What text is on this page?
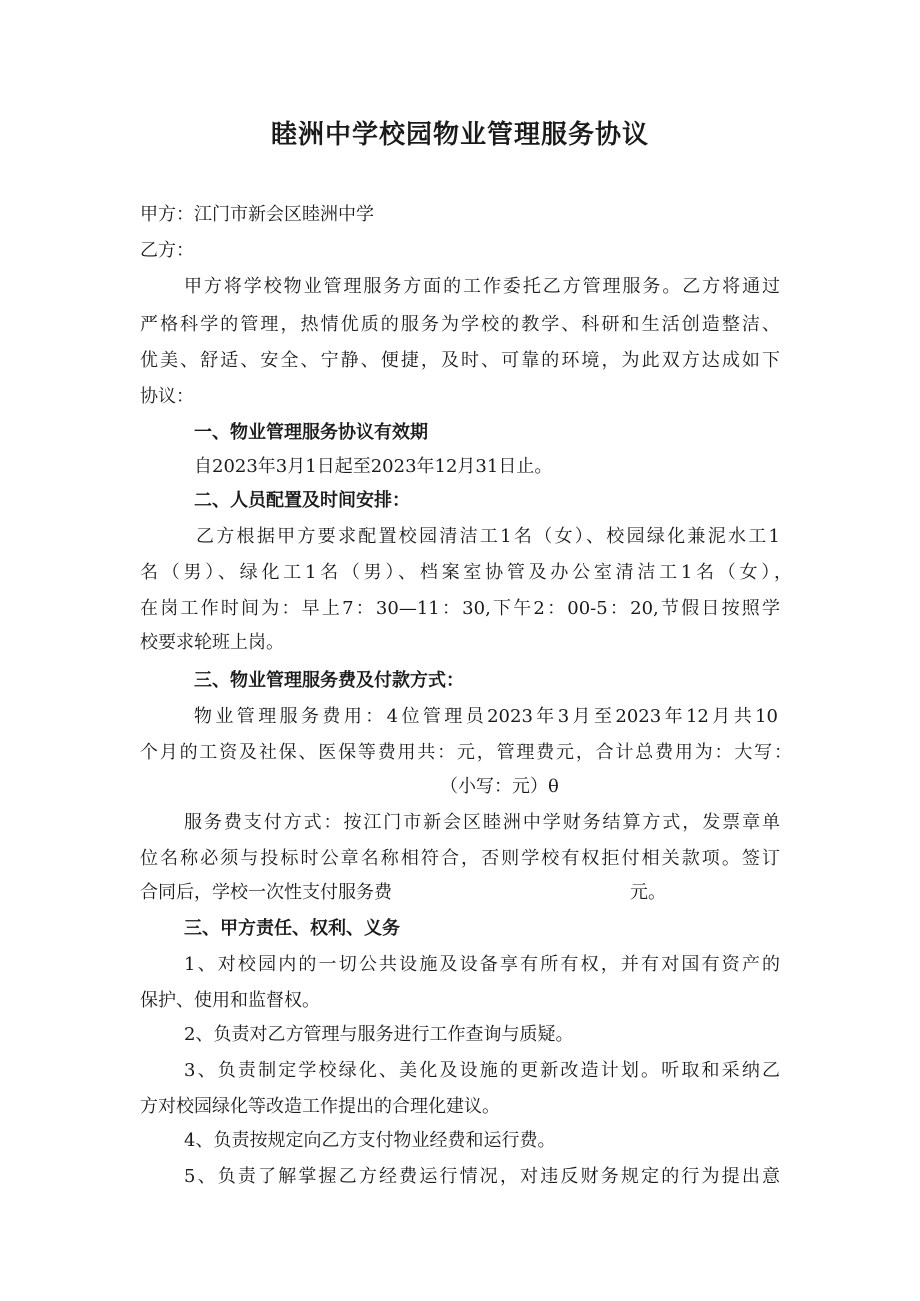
睦洲中学校园物业管理服务协议

甲方：江门市新会区睦洲中学

乙方：

甲方将学校物业管理服务方面的工作委托乙方管理服务。乙方将通过

严格科学的管理，热情优质的服务为学校的教学、科研和生活创造整洁、

优美、舒适、安全、宁静、便捷，及时、可靠的环境，为此双方达成如下

协议：

一、物业管理服务协议有效期

自2023年3月1日起至2023年12月31日止。

二、人员配置及时间安排：

乙方根据甲方要求配置校园清洁工1名（女）、校园绿化兼泥水工1

名（男）、绿化工1名（男）、档案室协管及办公室清洁工1名（女），

在岗工作时间为：早上7：30—11：30,下午2：00-5：20,节假日按照学

校要求轮班上岗。

三、物业管理服务费及付款方式：

物业管理服务费用：4位管理员2023年3月至2023年12月共10

个月的工资及社保、医保等费用共：元，管理费元，合计总费用为：大写：

（小写：元）θ

服务费支付方式：按江门市新会区睦洲中学财务结算方式，发票章单

位名称必须与投标时公章名称相符合，否则学校有权拒付相关款项。签订

合同后，学校一次性支付服务费	元。

三、甲方责任、权利、义务

1、对校园内的一切公共设施及设备享有所有权，并有对国有资产的

保护、使用和监督权。

2、负责对乙方管理与服务进行工作查询与质疑。

3、负责制定学校绿化、美化及设施的更新改造计划。听取和采纳乙

方对校园绿化等改造工作提出的合理化建议。

4、负责按规定向乙方支付物业经费和运行费。

5、负责了解掌握乙方经费运行情况，对违反财务规定的行为提出意
